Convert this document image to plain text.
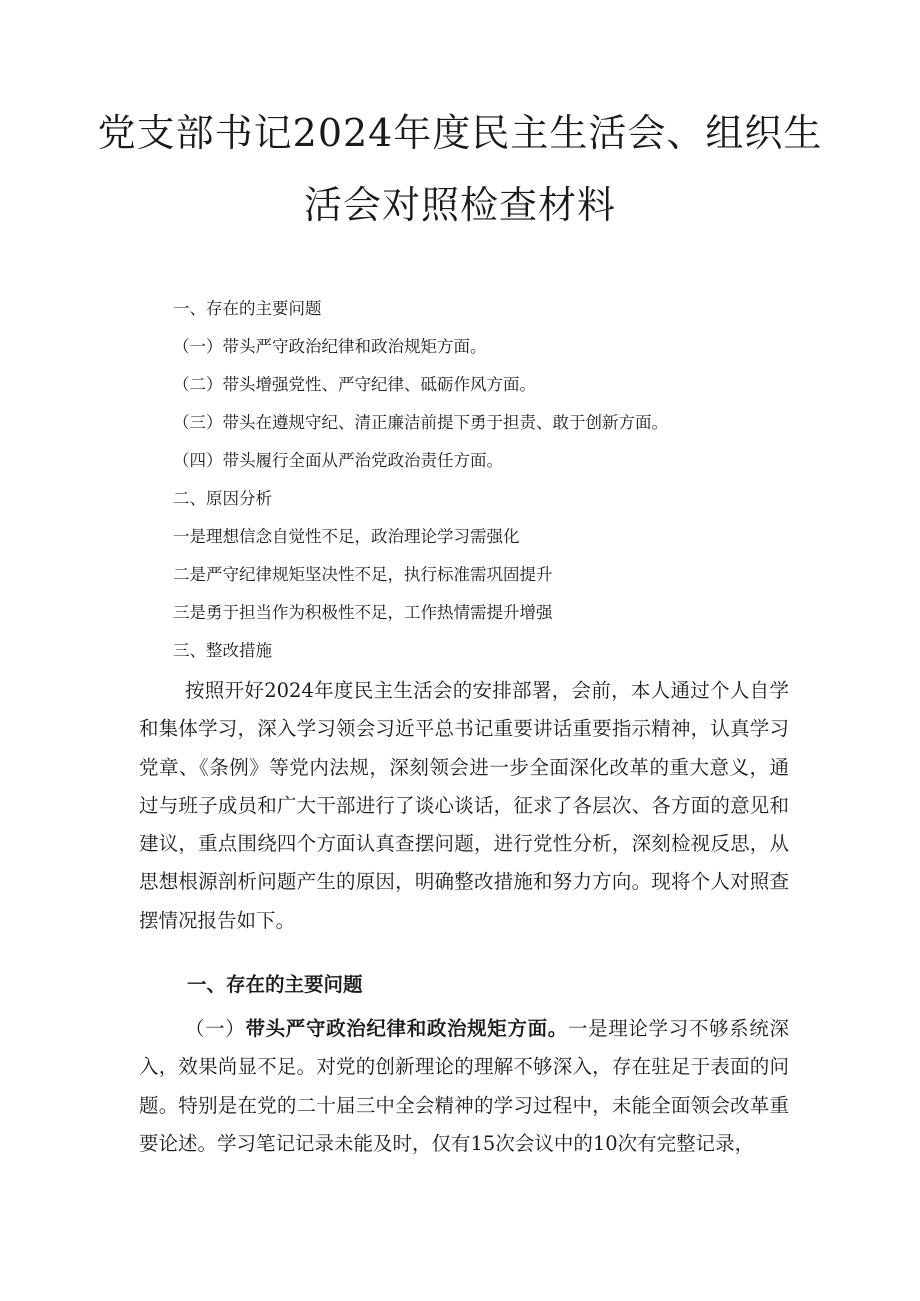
党支部书记2024年度民主生活会、组织生
活会对照检查材料
一、存在的主要问题
（一）带头严守政治纪律和政治规矩方面。
（二）带头增强党性、严守纪律、砥砺作风方面。
（三）带头在遵规守纪、清正廉洁前提下勇于担责、敢于创新方面。
（四）带头履行全面从严治党政治责任方面。
二、原因分析
一是理想信念自觉性不足，政治理论学习需强化
二是严守纪律规矩坚决性不足，执行标准需巩固提升
三是勇于担当作为积极性不足，工作热情需提升增强
三、整改措施
按照开好2024年度民主生活会的安排部署，会前，本人通过个人自学和集体学习，深入学习领会习近平总书记重要讲话重要指示精神，认真学习党章、《条例》等党内法规，深刻领会进一步全面深化改革的重大意义，通过与班子成员和广大干部进行了谈心谈话，征求了各层次、各方面的意见和建议，重点围绕四个方面认真查摆问题，进行党性分析，深刻检视反思，从思想根源剖析问题产生的原因，明确整改措施和努力方向。现将个人对照查摆情况报告如下。
一、存在的主要问题
（一）带头严守政治纪律和政治规矩方面。一是理论学习不够系统深入，效果尚显不足。对党的创新理论的理解不够深入，存在驻足于表面的问题。特别是在党的二十届三中全会精神的学习过程中，未能全面领会改革重要论述。学习笔记记录未能及时，仅有15次会议中的10次有完整记录，
